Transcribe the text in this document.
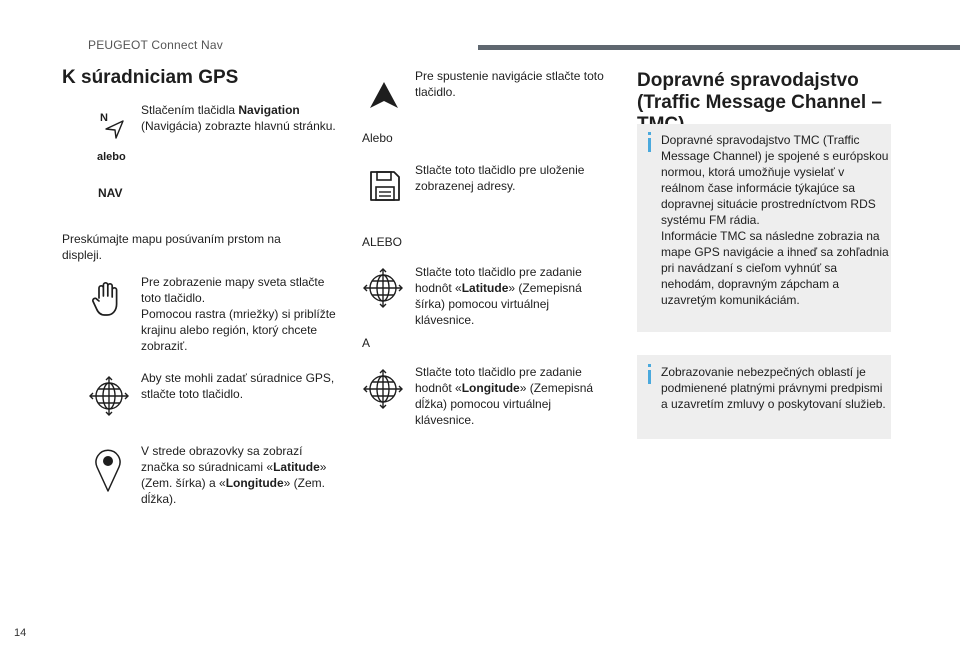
PEUGEOT Connect Nav
K súradniciam GPS
N
Stlačením tlačidla Navigation
(Navigácia) zobrazte hlavnú stránku.
alebo
NAV
Preskúmajte mapu posúvaním prstom na displeji.
Pre zobrazenie mapy sveta stlačte toto tlačidlo.
Pomocou rastra (mriežky) si priblížte krajinu alebo región, ktorý chcete zobraziť.
Aby ste mohli zadať súradnice GPS, stlačte toto tlačidlo.
V strede obrazovky sa zobrazí značka so súradnicami «Latitude» (Zem. šírka) a «Longitude» (Zem. dĺžka).
Pre spustenie navigácie stlačte toto tlačidlo.
Alebo
Stlačte toto tlačidlo pre uloženie zobrazenej adresy.
ALEBO
Stlačte toto tlačidlo pre zadanie hodnôt «Latitude» (Zemepisná šírka) pomocou virtuálnej klávesnice.
A
Stlačte toto tlačidlo pre zadanie hodnôt «Longitude» (Zemepisná dĺžka) pomocou virtuálnej klávesnice.
Dopravné spravodajstvo (Traffic Message Channel –
Dopravné spravodajstvo TMC (Traffic Message Channel) je spojené s európskou normou, ktorá umožňuje vysielať v reálnom čase informácie týkajúce sa dopravnej situácie prostredníctvom RDS systému FM rádia.
Informácie TMC sa následne zobrazia na mape GPS navigácie a ihneď sa zohľadnia pri navádzaní s cieľom vyhnúť sa nehodám, dopravným zápcham a uzavretým komunikáciám.
Zobrazovanie nebezpečných oblastí je podmienené platnými právnymi predpismi a uzavretím zmluvy o poskytovaní služieb.
14
